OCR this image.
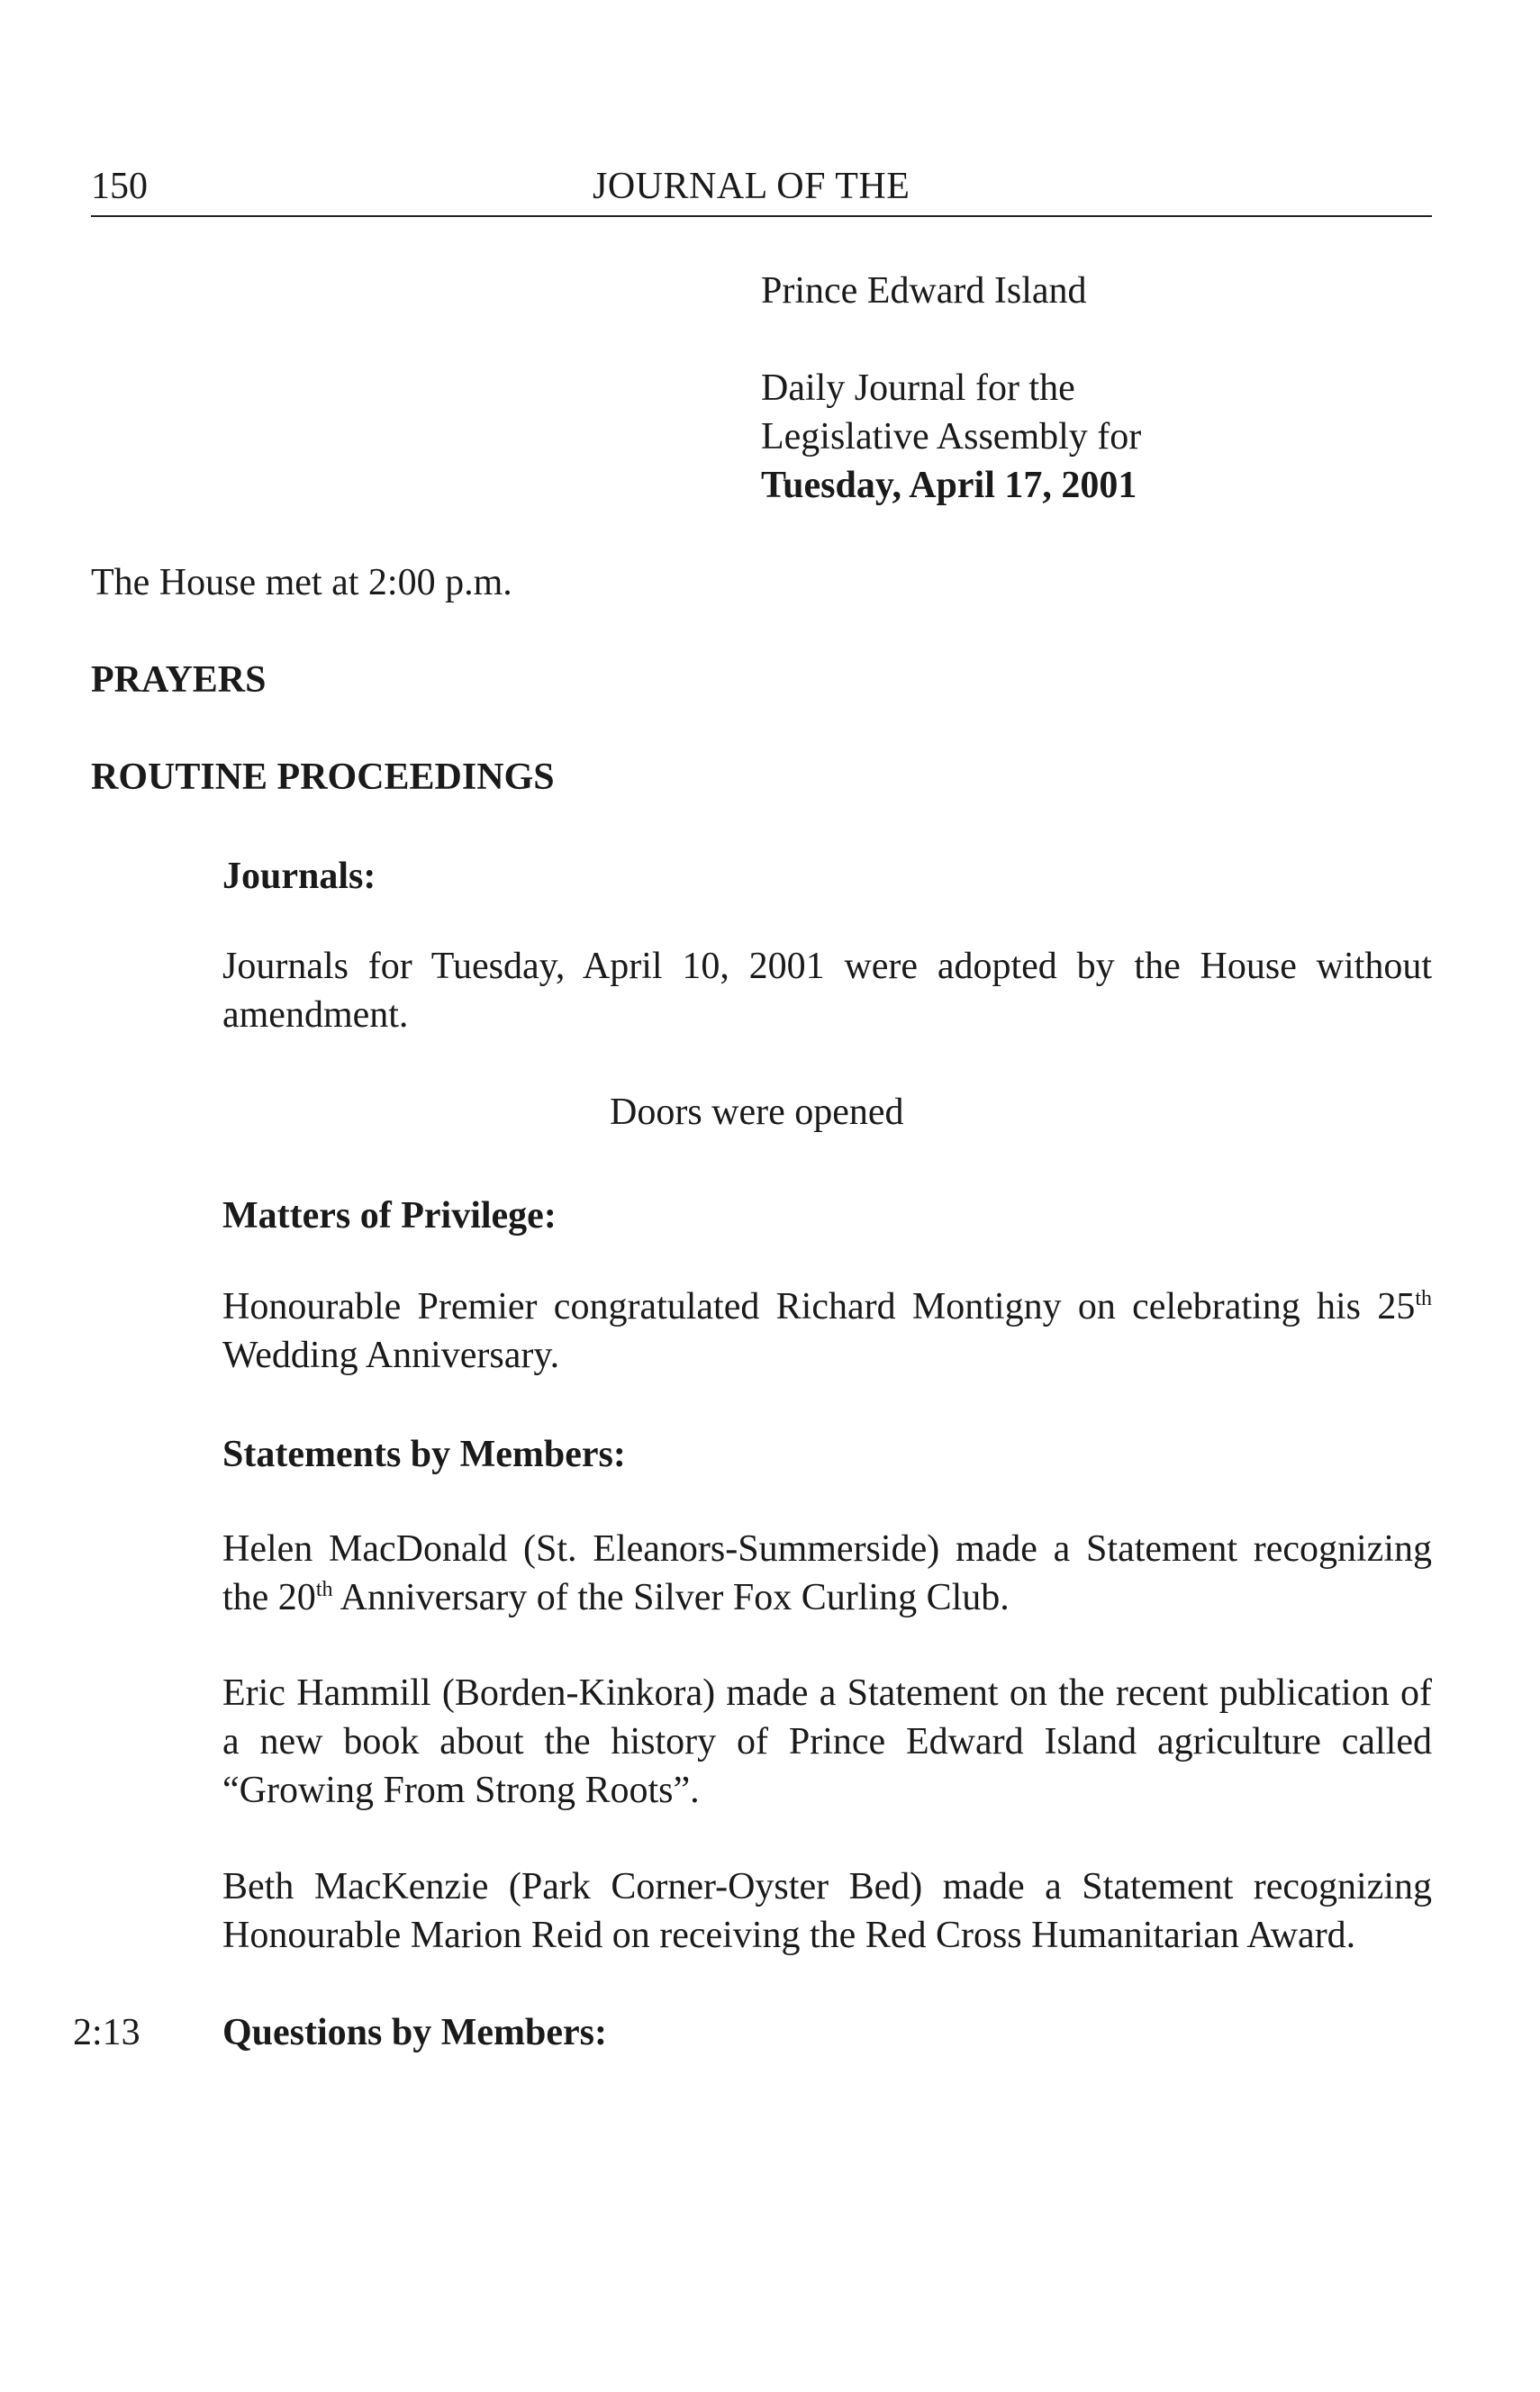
150	JOURNAL OF THE
Prince Edward Island
Daily Journal for the
Legislative Assembly for
Tuesday, April 17, 2001
The House met at 2:00 p.m.
PRAYERS
ROUTINE PROCEEDINGS
Journals:
Journals for Tuesday, April 10, 2001 were adopted by the House without amendment.
Doors were opened
Matters of Privilege:
Honourable Premier congratulated Richard Montigny on celebrating his 25th Wedding Anniversary.
Statements by Members:
Helen MacDonald (St. Eleanors-Summerside) made a Statement recognizing the 20th Anniversary of the Silver Fox Curling Club.
Eric Hammill (Borden-Kinkora) made a Statement on the recent publication of a new book about the history of Prince Edward Island agriculture called “Growing From Strong Roots”.
Beth MacKenzie (Park Corner-Oyster Bed) made a Statement recognizing Honourable Marion Reid on receiving the Red Cross Humanitarian Award.
2:13 Questions by Members:
